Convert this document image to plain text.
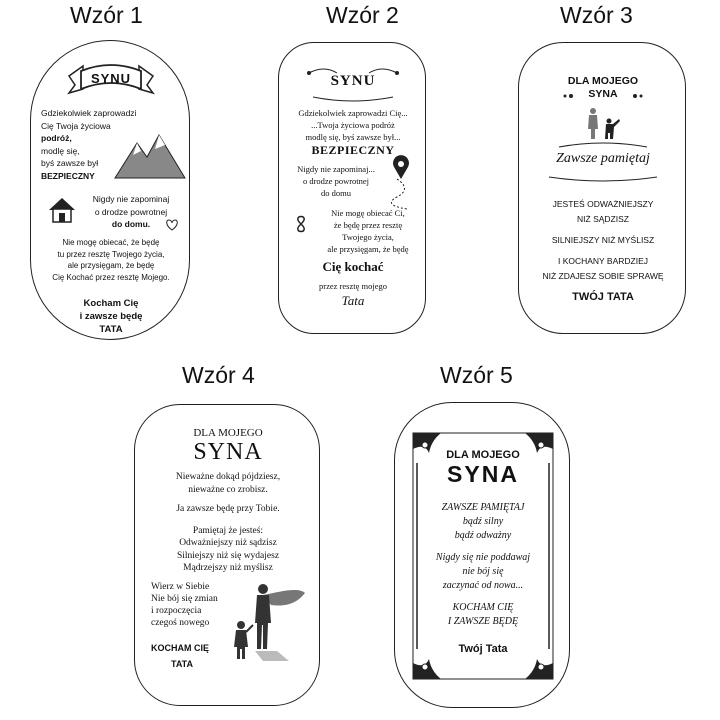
Wzór 1	Wzór 2	Wzór 3
Wzór 4	Wzór 5
SYNU
Gdziekolwiek zaprowadzi
Cię Twoja życiowa
podróż,
modlę się,
byś zawsze był
BEZPIECZNY
Nigdy nie zapominaj
o drodze powrotnej
do domu.
Nie mogę obiecać, że będę
tu przez resztę Twojego życia,
ale przysięgam, że będę
Cię Kochać przez resztę Mojego.
Kocham Cię
i zawsze będę
TATA
SYNU
Gdziekolwiek zaprowadzi Cię...
...Twoja życiowa podróż
modlę się, byś zawsze był...
BEZPIECZNY
Nigdy nie zapominaj...
o drodze powrotnej
do domu
Nie mogę obiecać Ci,
że będę przez resztę
Twojego życia,
ale przysięgam, że będę
Cię kochać
przez resztę mojego
Tata
DLA MOJEGO
SYNA
Zawsze pamiętaj
JESTEŚ ODWAŻNIEJSZY
NIŻ SĄDZISZ
SILNIEJSZY NIŻ MYŚLISZ
I KOCHANY BARDZIEJ
NIŻ ZDAJESZ SOBIE SPRAWĘ
TWÓJ TATA
DLA MOJEGO
SYNA
Nieważne dokąd pójdziesz,
nieważne co zrobisz.
Ja zawsze będę przy Tobie.
Pamiętaj że jesteś:
Odważniejszy niż sądzisz
Silniejszy niż się wydajesz
Mądrzejszy niż myślisz
Wierz w Siebie
Nie bój się zmian
i rozpoczęcia
czegoś nowego
KOCHAM CIĘ
TATA
DLA MOJEGO
SYNA
ZAWSZE PAMIĘTAJ
bądź silny
bądź odważny
Nigdy się nie poddawaj
nie bój się
zaczynać od nowa...
KOCHAM CIĘ
I ZAWSZE BĘDĘ
Twój Tata
